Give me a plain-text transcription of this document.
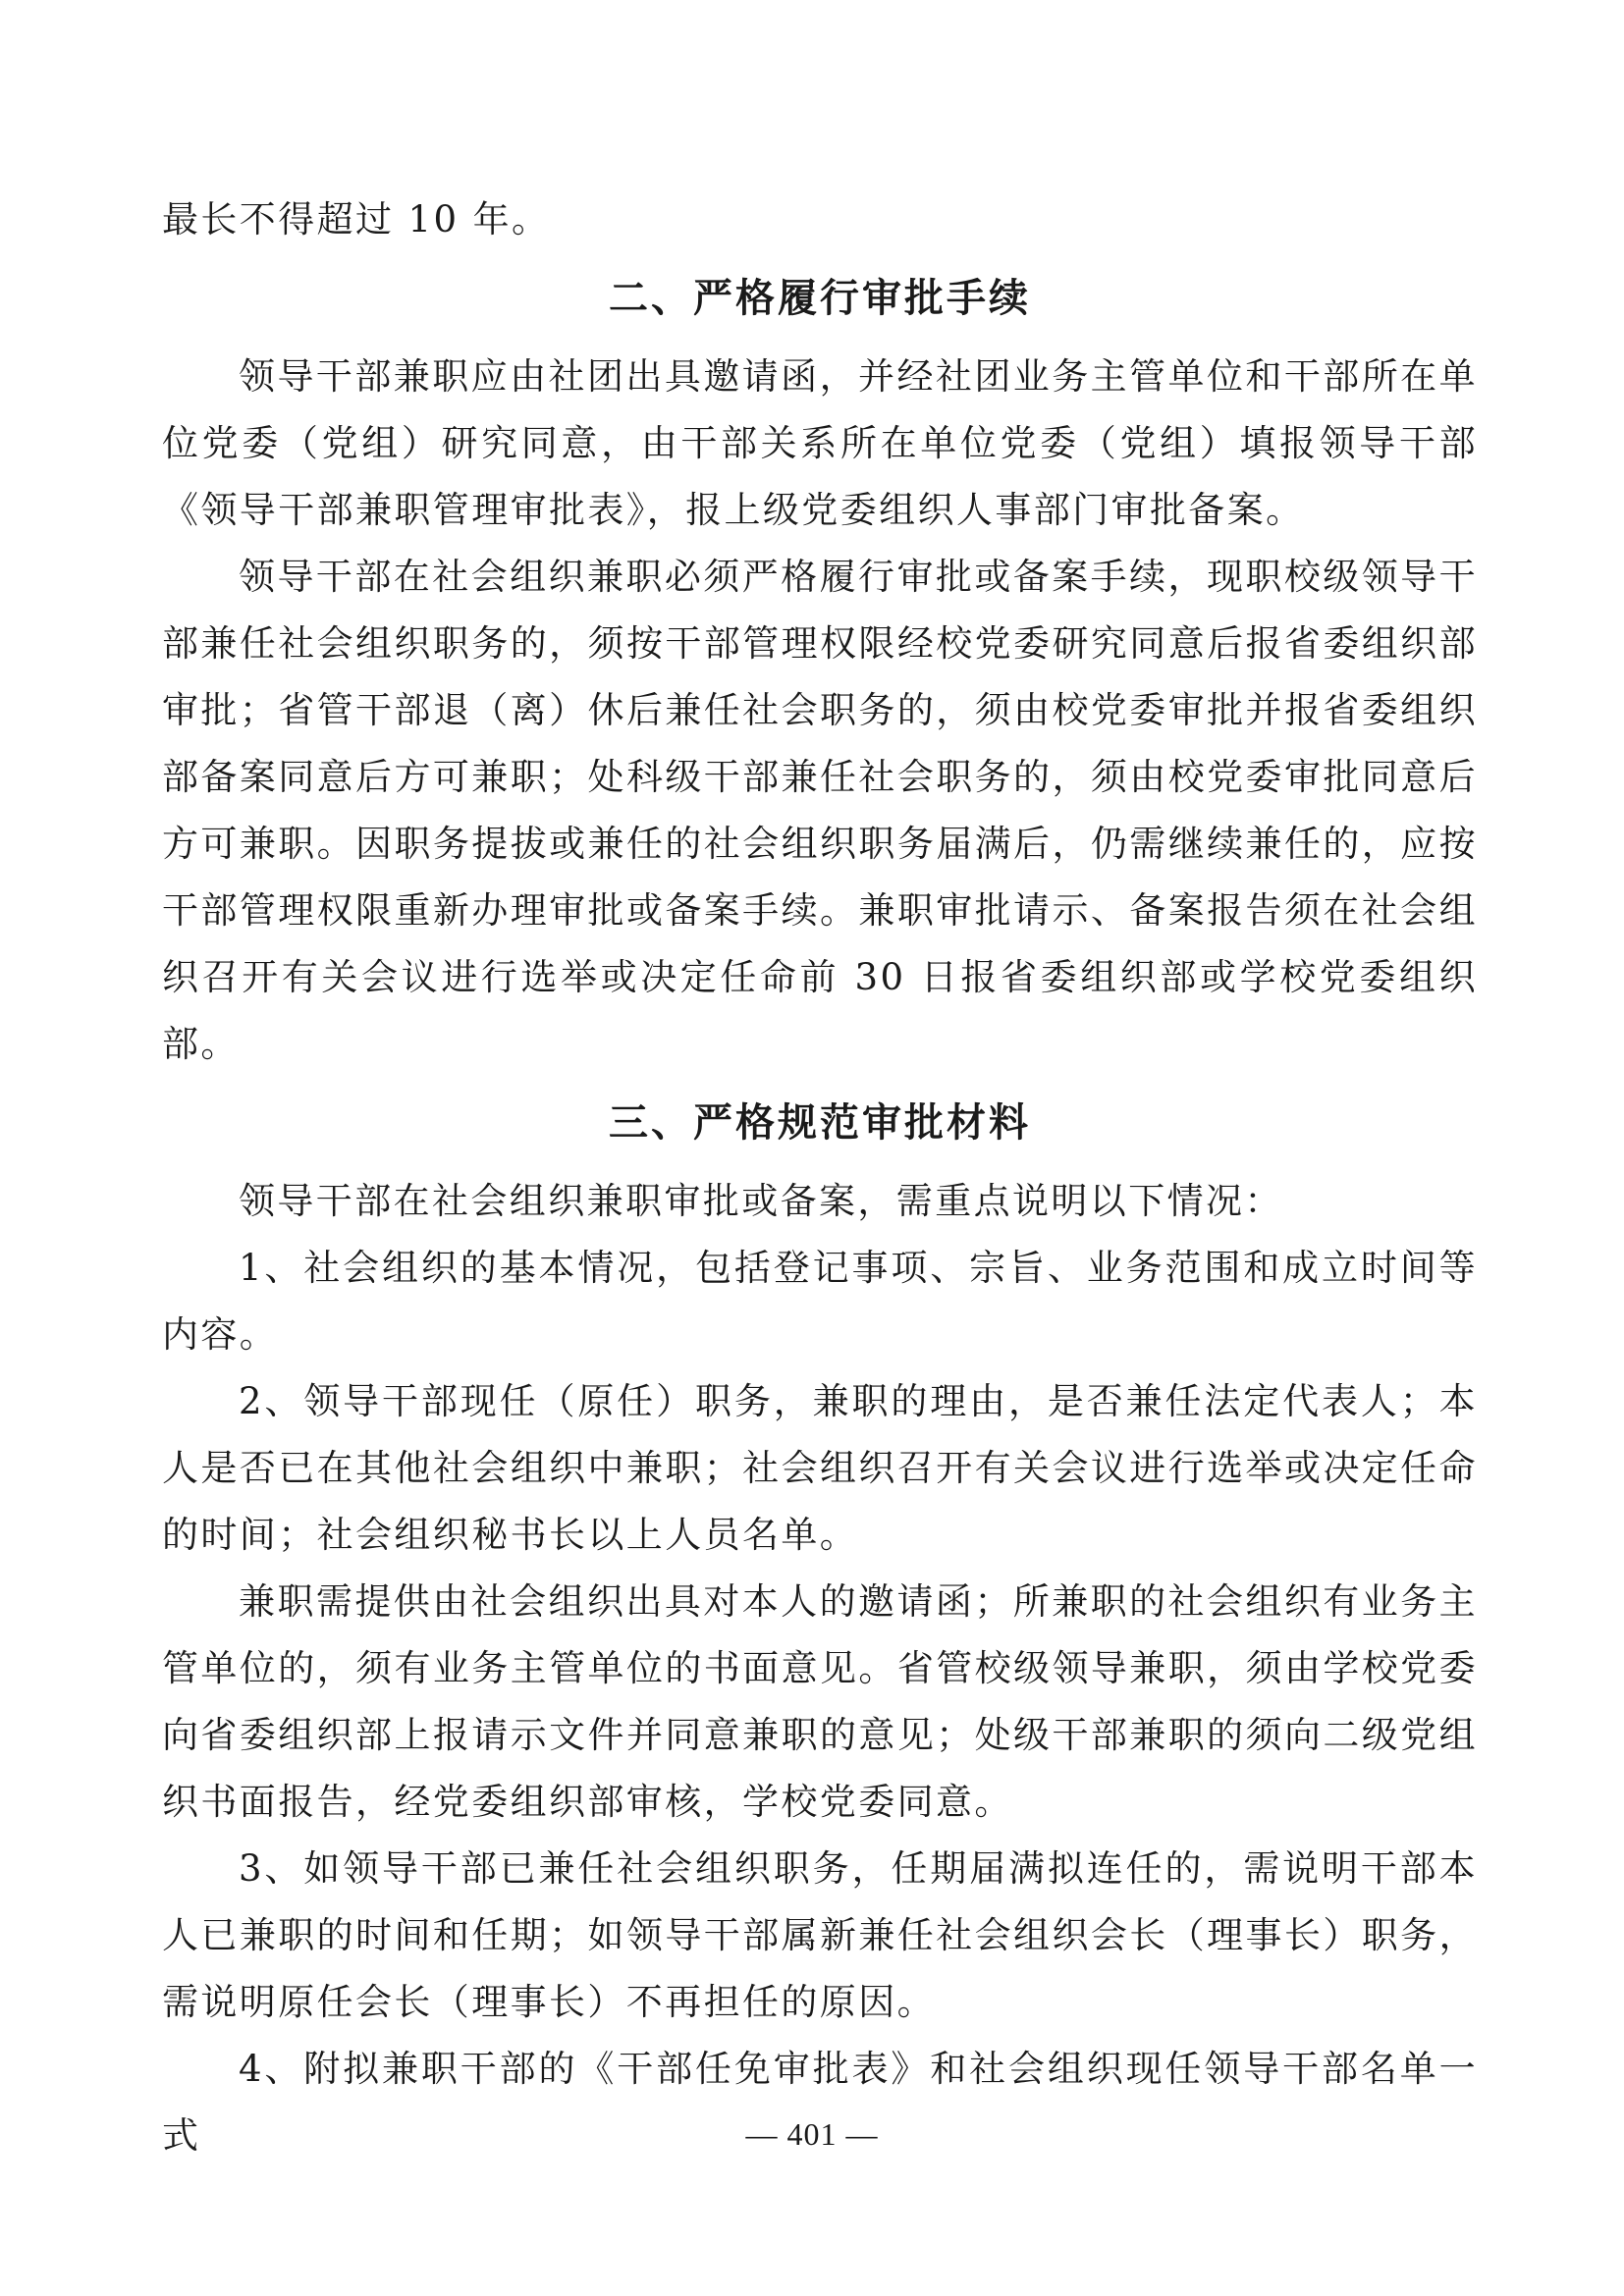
最长不得超过 10 年。

二、严格履行审批手续

领导干部兼职应由社团出具邀请函，并经社团业务主管单位和干部所在单位党委（党组）研究同意，由干部关系所在单位党委（党组）填报领导干部《领导干部兼职管理审批表》，报上级党委组织人事部门审批备案。

领导干部在社会组织兼职必须严格履行审批或备案手续，现职校级领导干部兼任社会组织职务的，须按干部管理权限经校党委研究同意后报省委组织部审批；省管干部退（离）休后兼任社会职务的，须由校党委审批并报省委组织部备案同意后方可兼职；处科级干部兼任社会职务的，须由校党委审批同意后方可兼职。因职务提拔或兼任的社会组织职务届满后，仍需继续兼任的，应按干部管理权限重新办理审批或备案手续。兼职审批请示、备案报告须在社会组织召开有关会议进行选举或决定任命前 30 日报省委组织部或学校党委组织部。

三、严格规范审批材料

领导干部在社会组织兼职审批或备案，需重点说明以下情况：

1、社会组织的基本情况，包括登记事项、宗旨、业务范围和成立时间等内容。

2、领导干部现任（原任）职务，兼职的理由，是否兼任法定代表人；本人是否已在其他社会组织中兼职；社会组织召开有关会议进行选举或决定任命的时间；社会组织秘书长以上人员名单。

兼职需提供由社会组织出具对本人的邀请函；所兼职的社会组织有业务主管单位的，须有业务主管单位的书面意见。省管校级领导兼职，须由学校党委向省委组织部上报请示文件并同意兼职的意见；处级干部兼职的须向二级党组织书面报告，经党委组织部审核，学校党委同意。

3、如领导干部已兼任社会组织职务，任期届满拟连任的，需说明干部本人已兼职的时间和任期；如领导干部属新兼任社会组织会长（理事长）职务，需说明原任会长（理事长）不再担任的原因。

4、附拟兼职干部的《干部任免审批表》和社会组织现任领导干部名单一式	— 401 —
